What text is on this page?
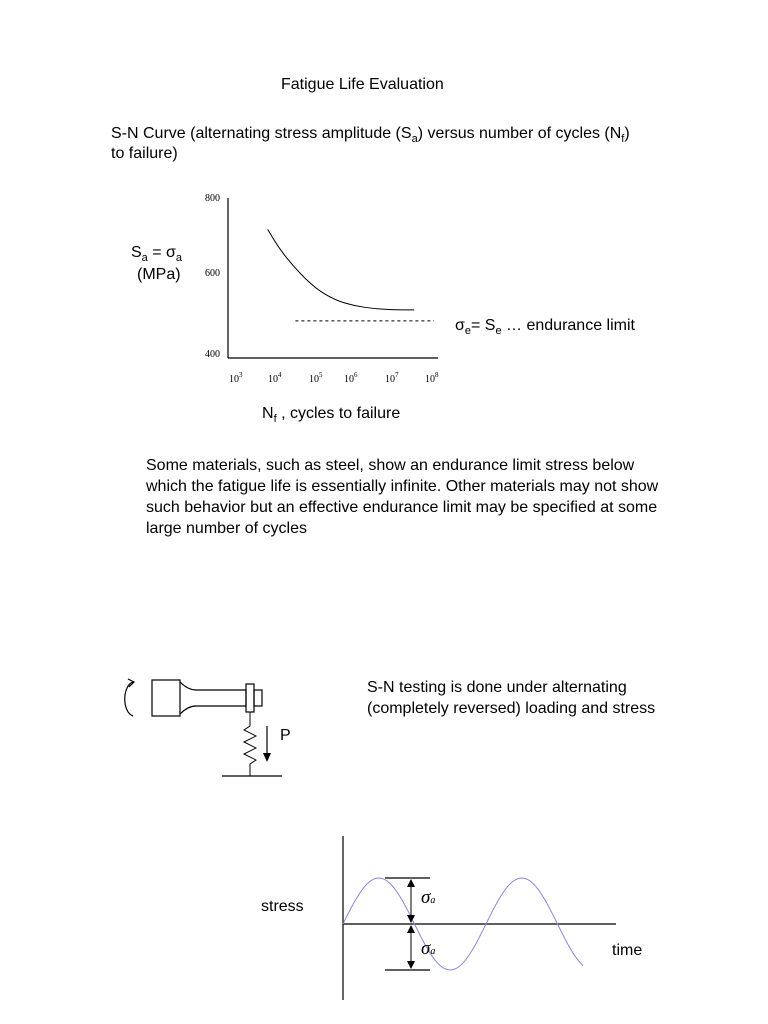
Fatigue Life Evaluation
S-N Curve (alternating stress amplitude $(S_a)$ versus number of cycles $(N_f)$
to failure)
800
600
400
$10^3$	$10^4$	$10^5$ $10^6$	$10^7$	$10^8$
$S_a = \sigma_a$
(MPa)
$N_f$ , cycles to failure
$\sigma_e= S_e$ … endurance limit
Some materials, such as steel, show an endurance limit stress below which the fatigue life is essentially infinite. Other materials may not show such behavior but an effective endurance limit may be specified at some large number of cycles
P
S-N testing is done under alternating (completely reversed) loading and stress
σa
σa
stress
time
